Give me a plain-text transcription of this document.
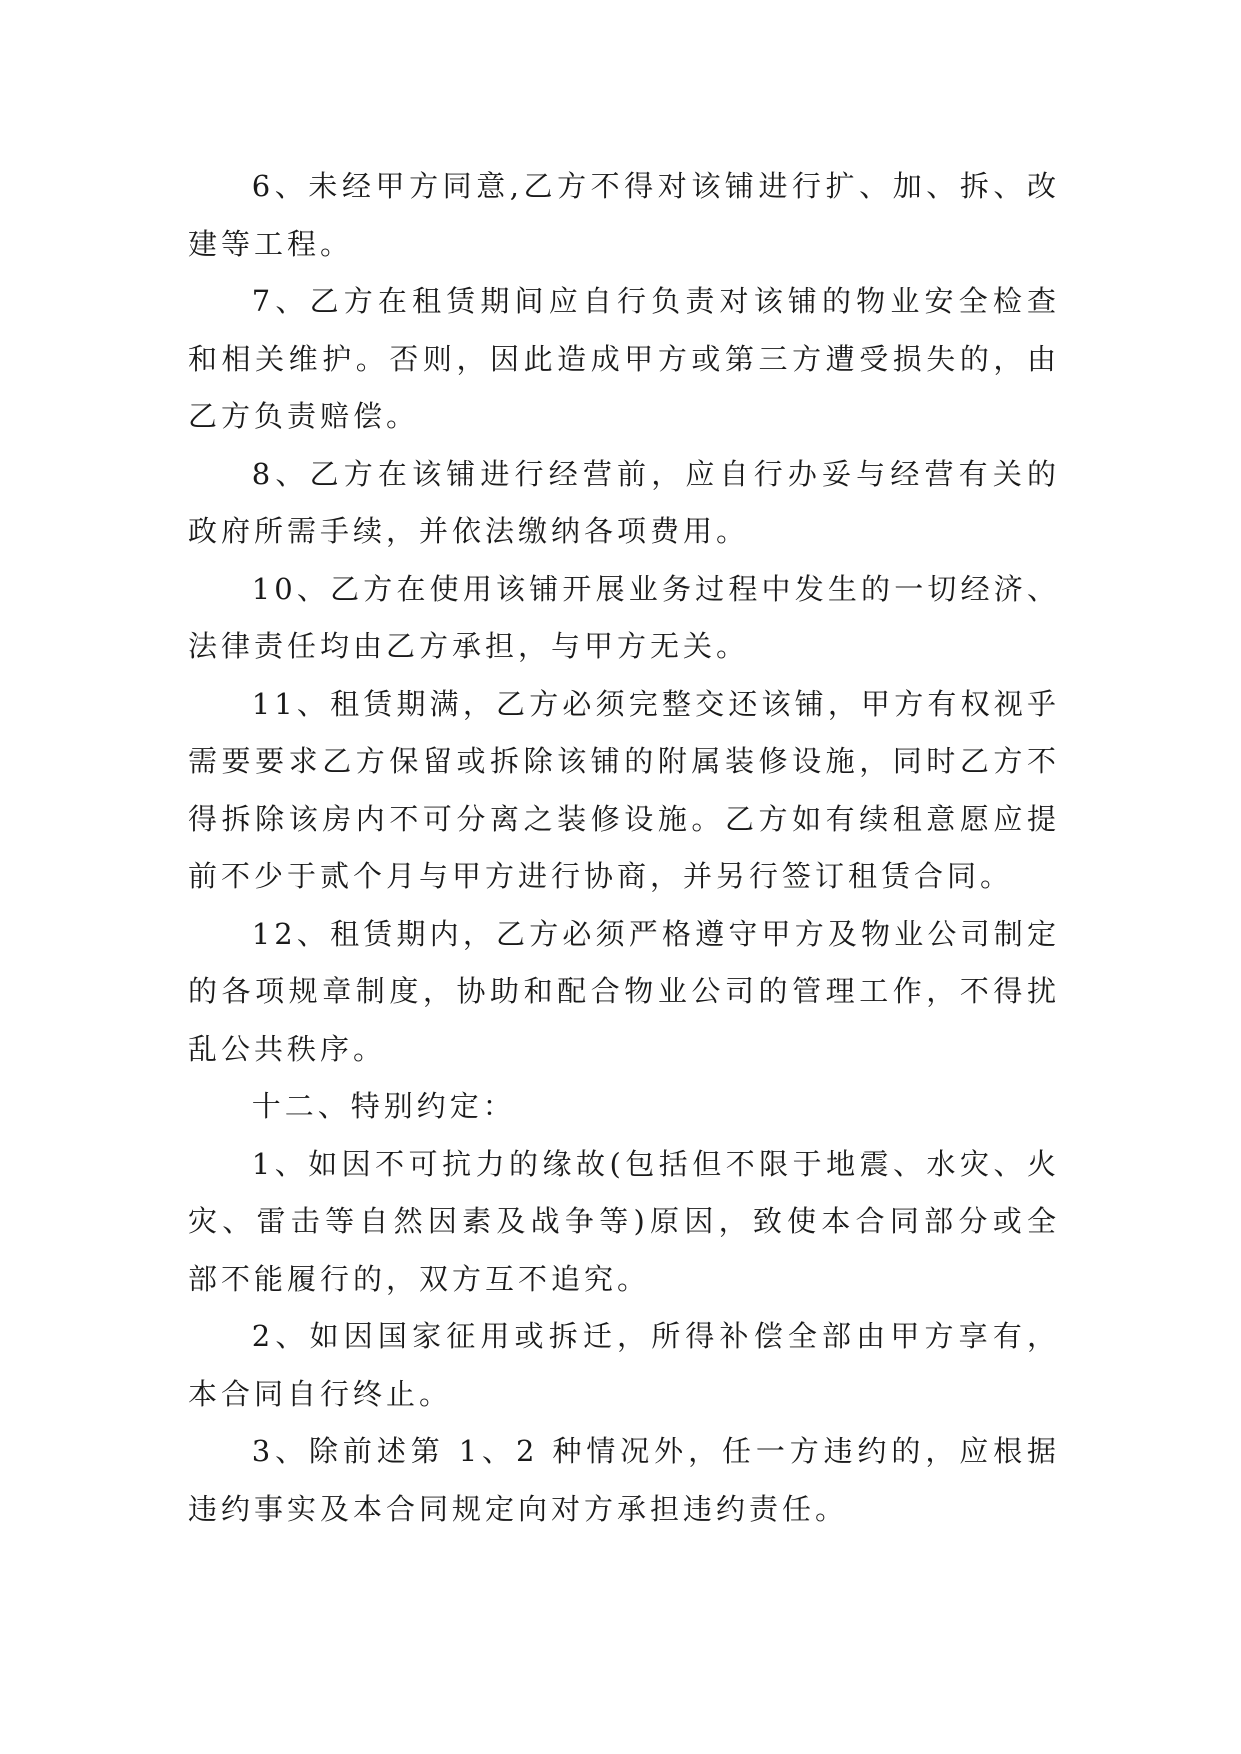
6、未经甲方同意,乙方不得对该铺进行扩、加、拆、改建等工程。

7、乙方在租赁期间应自行负责对该铺的物业安全检查和相关维护。否则，因此造成甲方或第三方遭受损失的，由乙方负责赔偿。

8、乙方在该铺进行经营前，应自行办妥与经营有关的政府所需手续，并依法缴纳各项费用。

10、乙方在使用该铺开展业务过程中发生的一切经济、法律责任均由乙方承担，与甲方无关。

11、租赁期满，乙方必须完整交还该铺，甲方有权视乎需要要求乙方保留或拆除该铺的附属装修设施，同时乙方不得拆除该房内不可分离之装修设施。乙方如有续租意愿应提前不少于贰个月与甲方进行协商，并另行签订租赁合同。

12、租赁期内，乙方必须严格遵守甲方及物业公司制定的各项规章制度，协助和配合物业公司的管理工作，不得扰乱公共秩序。

十二、特别约定：

1、如因不可抗力的缘故(包括但不限于地震、水灾、火灾、雷击等自然因素及战争等)原因，致使本合同部分或全部不能履行的，双方互不追究。

2、如因国家征用或拆迁，所得补偿全部由甲方享有，本合同自行终止。

3、除前述第 1、2 种情况外，任一方违约的，应根据违约事实及本合同规定向对方承担违约责任。
